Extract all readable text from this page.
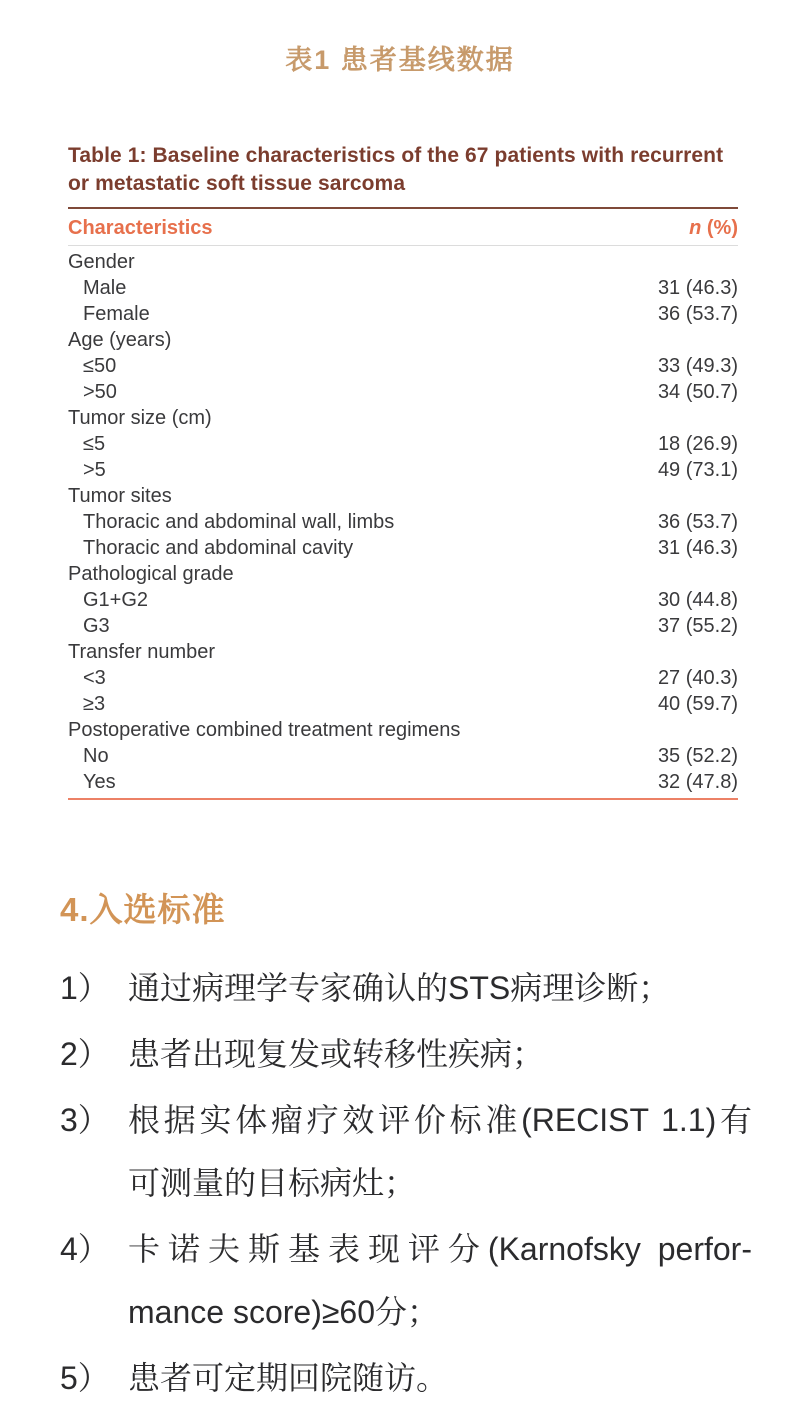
表1 患者基线数据
Table 1: Baseline characteristics of the 67 patients with recurrent or metastatic soft tissue sarcoma
Characteristics	n (%)
Gender
Male	31 (46.3)
Female	36 (53.7)
Age (years)
≤50	33 (49.3)
>50	34 (50.7)
Tumor size (cm)
≤5	18 (26.9)
>5	49 (73.1)
Tumor sites
Thoracic and abdominal wall, limbs	36 (53.7)
Thoracic and abdominal cavity	31 (46.3)
Pathological grade
G1+G2	30 (44.8)
G3	37 (55.2)
Transfer number
<3	27 (40.3)
≥3	40 (59.7)
Postoperative combined treatment regimens
No	35 (52.2)
Yes	32 (47.8)
4.入选标准
1） 通过病理学专家确认的STS病理诊断；
2） 患者出现复发或转移性疾病；
3） 根据实体瘤疗效评价标准(RECIST 1.1)有
可测量的目标病灶；
4） 卡诺夫斯基表现评分(Karnofsky perfor-
mance score)≥60分；
5） 患者可定期回院随访。
